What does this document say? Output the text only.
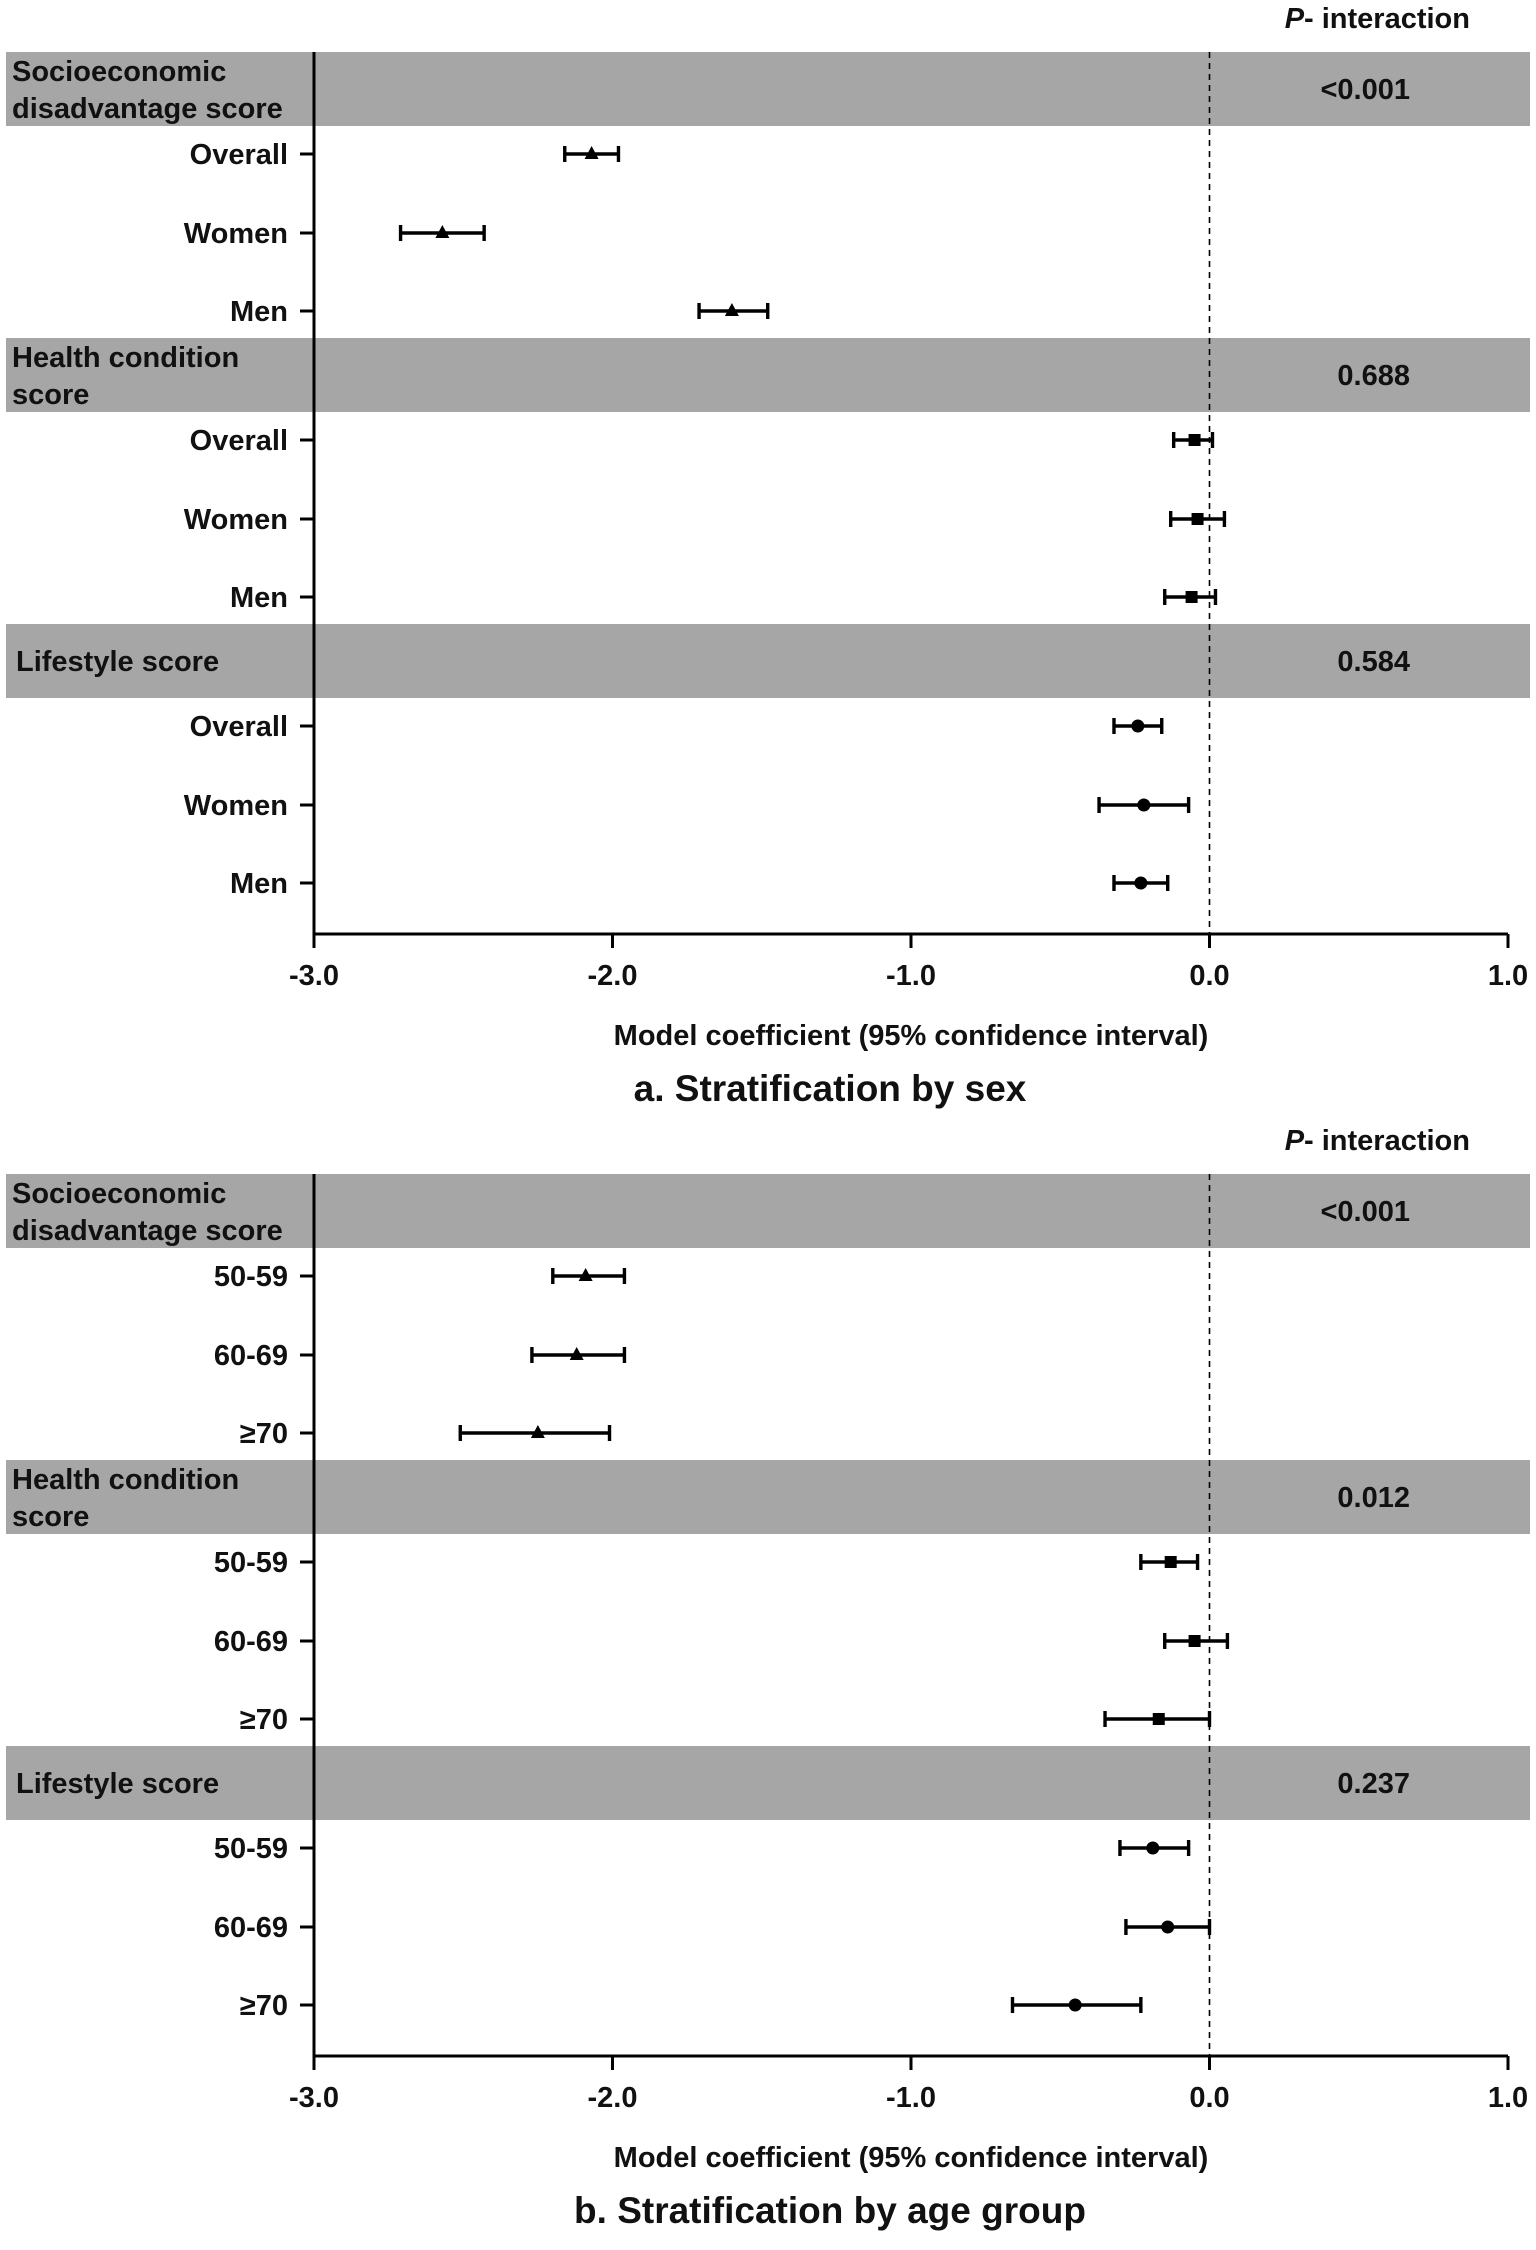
-3.0	-2.0	-1.0	0.0	1.0
Socioeconomic
disadvantage score
<0.001
Overall
Women
Men
Health condition
score
0.688
Overall
Women
Men
Lifestyle score	0.584
Overall
Women
Men
P- interaction
Model coefficient (95% confidence interval)
a. Stratification by sex
-3.0	-2.0	-1.0	0.0	1.0
Socioeconomic
disadvantage score
<0.001
50-59
60-69
≥70
Health condition
score
0.012
50-59
60-69
≥70
Lifestyle score	0.237
50-59
60-69
≥70
P- interaction
Model coefficient (95% confidence interval)
b. Stratification by age group
